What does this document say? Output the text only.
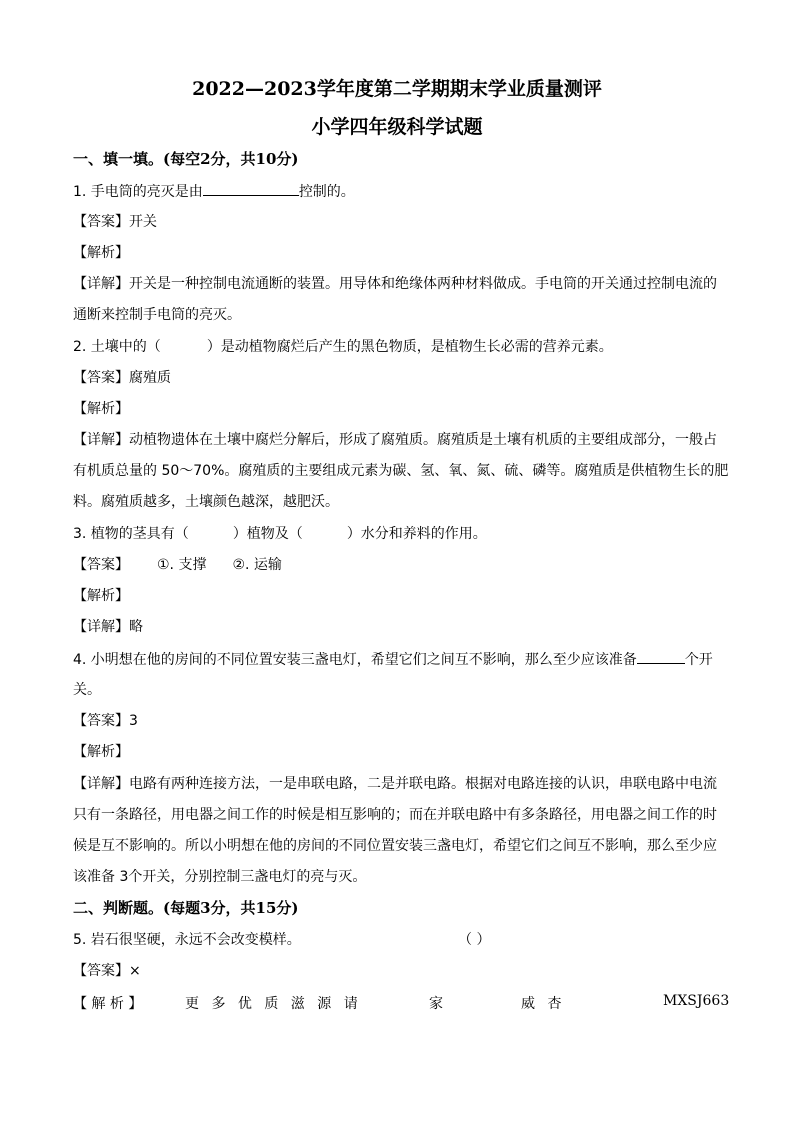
2022—2023学年度第二学期期末学业质量测评
小学四年级科学试题
一、填一填。(每空2分，共10分)
1. 手电筒的亮灭是由	控制的。
【答案】开关
【解析】
【详解】开关是一种控制电流通断的装置。用导体和绝缘体两种材料做成。手电筒的开关通过控制电流的
通断来控制手电筒的亮灭。
2. 土壤中的（	）是动植物腐烂后产生的黑色物质，是植物生长必需的营养元素。
【答案】腐殖质
【解析】
【详解】动植物遗体在土壤中腐烂分解后，形成了腐殖质。腐殖质是土壤有机质的主要组成部分，一般占
有机质总量的 50～70%。腐殖质的主要组成元素为碳、氢、氧、氮、硫、磷等。腐殖质是供植物生长的肥
料。腐殖质越多，土壤颜色越深，越肥沃。
3. 植物的茎具有（	）植物及（	）水分和养料的作用。
【答案】 ①. 支撑 ②. 运输
【解析】
【详解】略
4. 小明想在他的房间的不同位置安装三盏电灯，希望它们之间互不影响，那么至少应该准备	个开
关。
【答案】3
【解析】
【详解】电路有两种连接方法，一是串联电路，二是并联电路。根据对电路连接的认识，串联电路中电流
只有一条路径，用电器之间工作的时候是相互影响的；而在并联电路中有多条路径，用电器之间工作的时
候是互不影响的。所以小明想在他的房间的不同位置安装三盏电灯，希望它们之间互不影响，那么至少应
该准备 3个开关，分别控制三盏电灯的亮与灭。
二、判断题。(每题3分，共15分)
5. 岩石很坚硬，永远不会改变模样。	（ ）
【答案】×
【 解 析 】	更 多 优 质 滋 源 请	家	威 杏	MXSJ663
